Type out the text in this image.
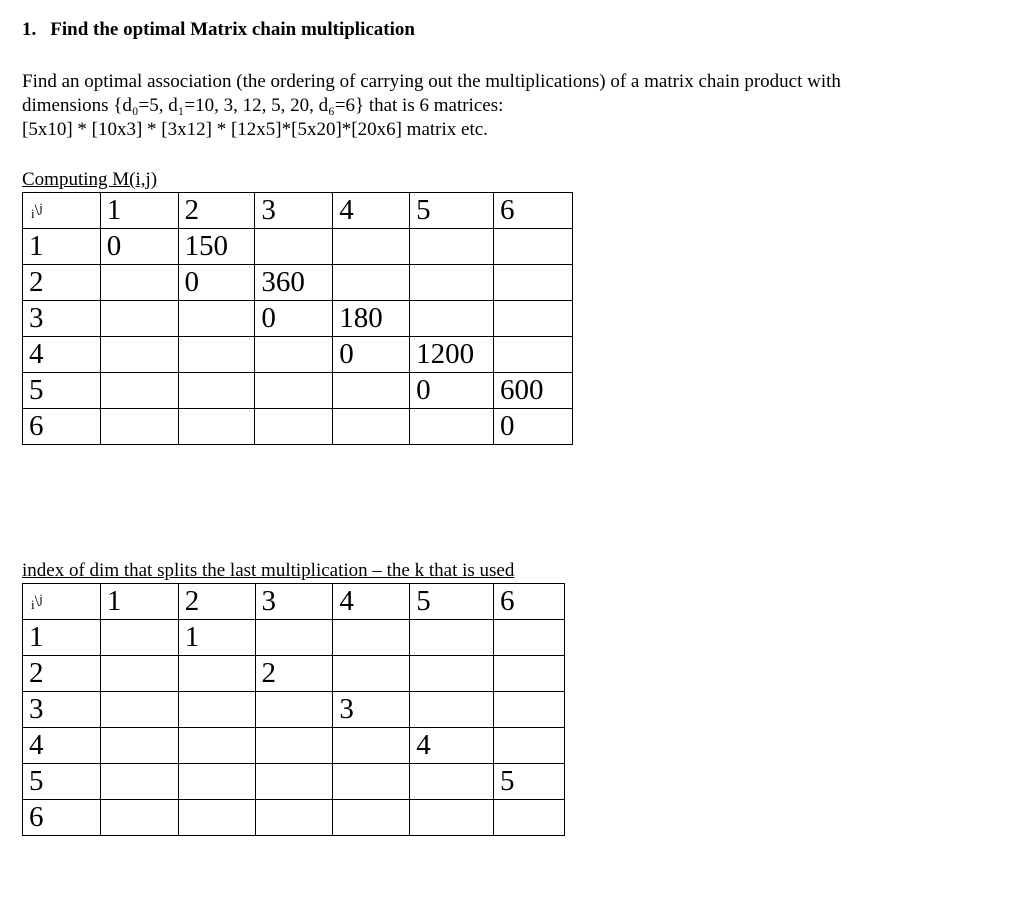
1. Find the optimal Matrix chain multiplication
Find an optimal association (the ordering of carrying out the multiplications) of a matrix chain product with
dimensions {d₀=5, d₁=10, 3, 12, 5, 20, d₆=6} that is 6 matrices:
[5x10] * [10x3] * [3x12] * [12x5]*[5x20]*[20x6] matrix etc.
Computing M(i,j)
$_i$\$^j$	1	2	3	4	5	6
1	0	150				
2		0	360			
3			0	180		
4				0	1200	
5					0	600
6						0
index of dim that splits the last multiplication – the k that is used
$_i$\$^j$	1	2	3	4	5	6
1		1				
2			2			
3				3		
4					4	
5						5
6						
